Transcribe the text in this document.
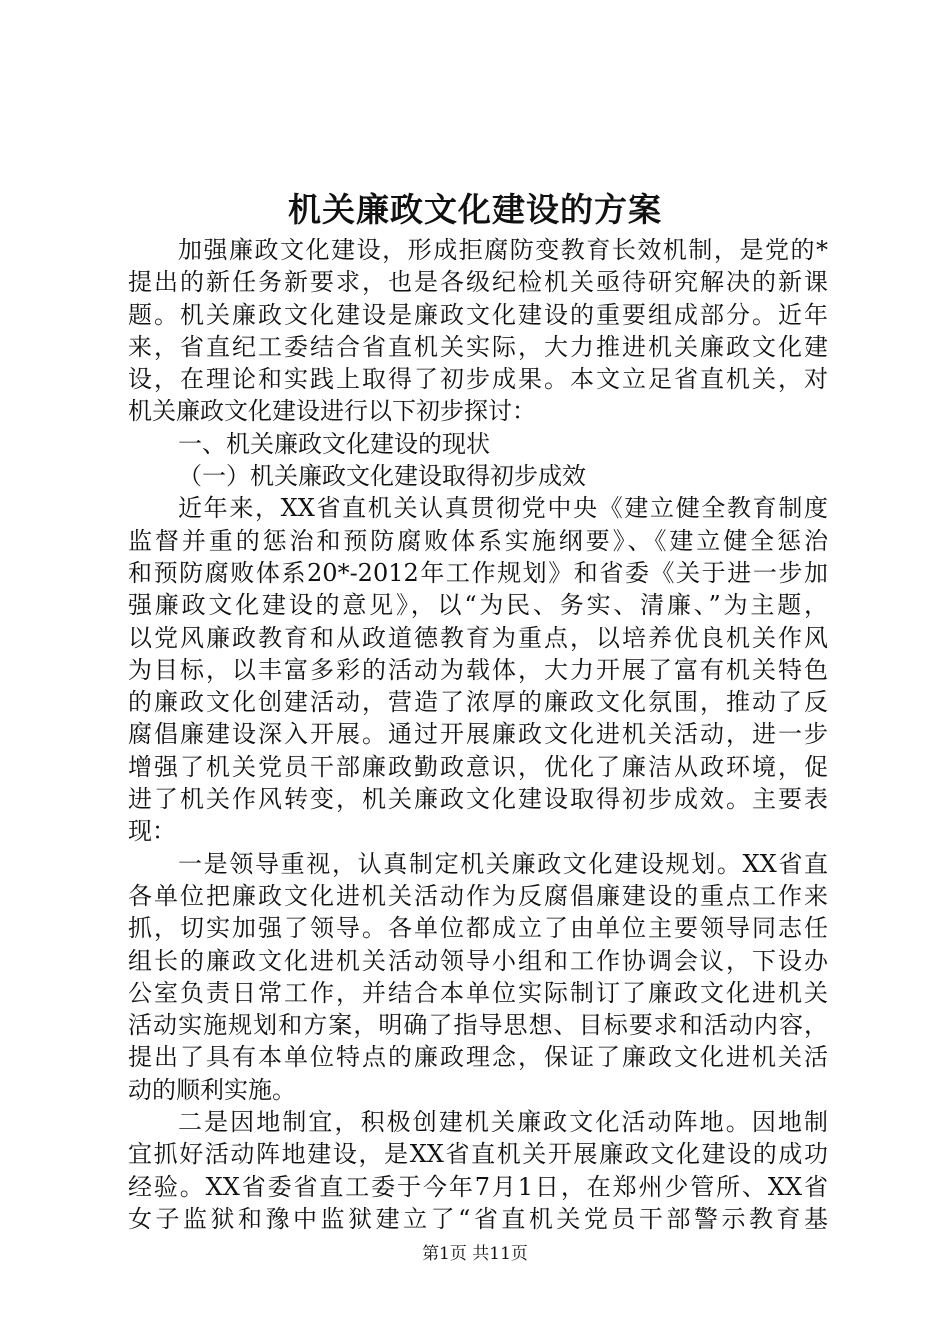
机关廉政文化建设的方案
加强廉政文化建设，形成拒腐防变教育长效机制，是党的*
提出的新任务新要求，也是各级纪检机关亟待研究解决的新课
题。机关廉政文化建设是廉政文化建设的重要组成部分。近年
来，省直纪工委结合省直机关实际，大力推进机关廉政文化建
设，在理论和实践上取得了初步成果。本文立足省直机关，对
机关廉政文化建设进行以下初步探讨：
一、机关廉政文化建设的现状
（一）机关廉政文化建设取得初步成效
近年来，XX省直机关认真贯彻党中央《建立健全教育制度
监督并重的惩治和预防腐败体系实施纲要》、《建立健全惩治
和预防腐败体系20*-2012年工作规划》和省委《关于进一步加
强廉政文化建设的意见》，以“为民、务实、清廉、”为主题，
以党风廉政教育和从政道德教育为重点，以培养优良机关作风
为目标，以丰富多彩的活动为载体，大力开展了富有机关特色
的廉政文化创建活动，营造了浓厚的廉政文化氛围，推动了反
腐倡廉建设深入开展。通过开展廉政文化进机关活动，进一步
增强了机关党员干部廉政勤政意识，优化了廉洁从政环境，促
进了机关作风转变，机关廉政文化建设取得初步成效。主要表
现：
一是领导重视，认真制定机关廉政文化建设规划。XX省直
各单位把廉政文化进机关活动作为反腐倡廉建设的重点工作来
抓，切实加强了领导。各单位都成立了由单位主要领导同志任
组长的廉政文化进机关活动领导小组和工作协调会议，下设办
公室负责日常工作，并结合本单位实际制订了廉政文化进机关
活动实施规划和方案，明确了指导思想、目标要求和活动内容，
提出了具有本单位特点的廉政理念，保证了廉政文化进机关活
动的顺利实施。
二是因地制宜，积极创建机关廉政文化活动阵地。因地制
宜抓好活动阵地建设，是XX省直机关开展廉政文化建设的成功
经验。XX省委省直工委于今年7月1日，在郑州少管所、XX省
女子监狱和豫中监狱建立了“省直机关党员干部警示教育基
第1页 共11页
